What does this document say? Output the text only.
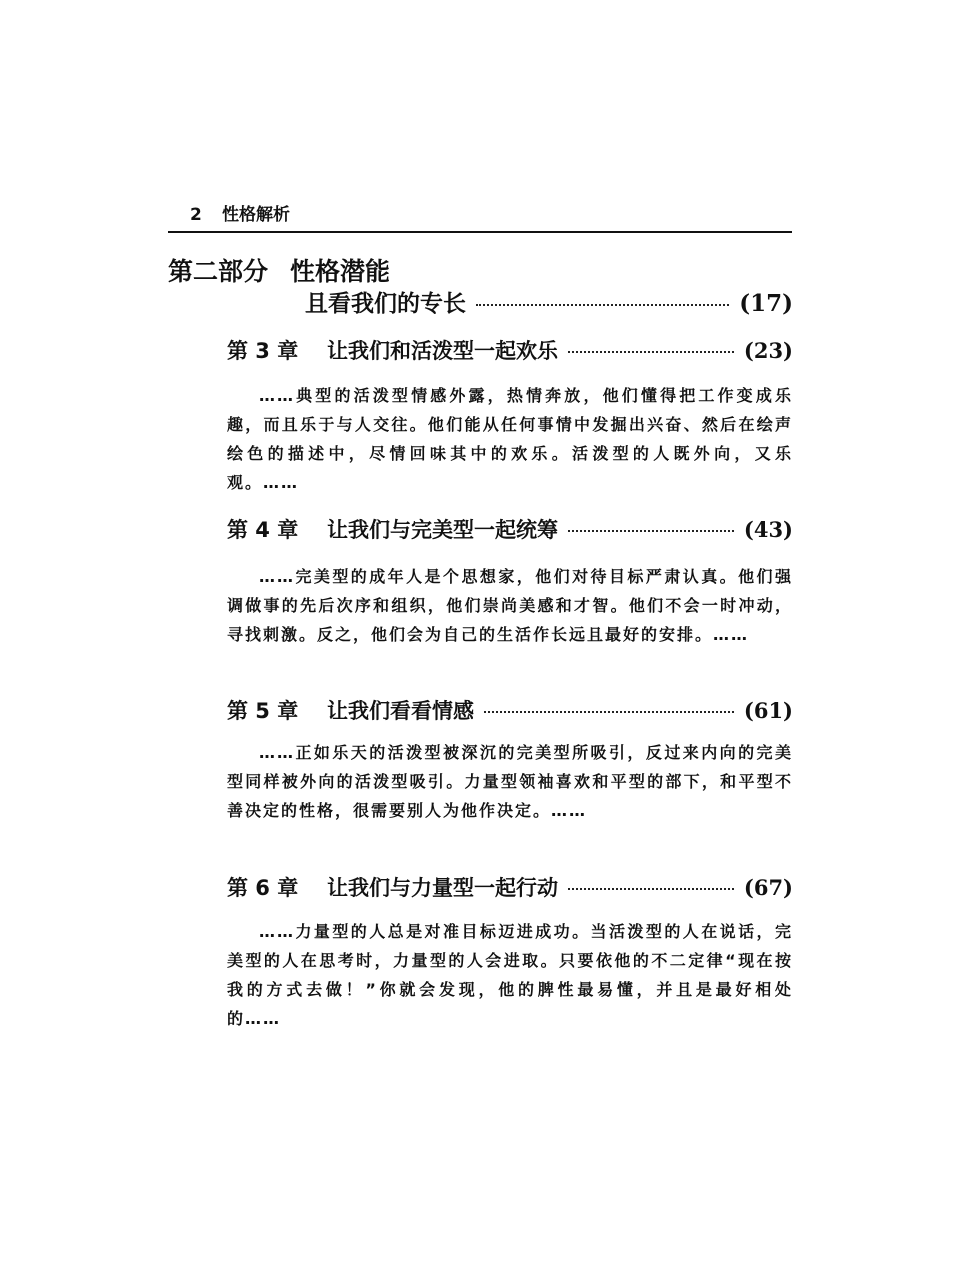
2 性格解析
第二部分 性格潜能
且看我们的专长	(17)
第 3 章	让我们和活泼型一起欢乐	(23)

……典型的活泼型情感外露，热情奔放，他们懂得把工作变成乐趣，而且乐于与人交往。他们能从任何事情中发掘出兴奋、然后在绘声绘色的描述中，尽情回味其中的欢乐。活泼型的人既外向，又乐观。……

第 4 章	让我们与完美型一起统筹	(43)

……完美型的成年人是个思想家，他们对待目标严肃认真。他们强调做事的先后次序和组织，他们崇尚美感和才智。他们不会一时冲动，寻找刺激。反之，他们会为自己的生活作长远且最好的安排。……

第 5 章	让我们看看情感	(61)

……正如乐天的活泼型被深沉的完美型所吸引，反过来内向的完美型同样被外向的活泼型吸引。力量型领袖喜欢和平型的部下，和平型不善决定的性格，很需要别人为他作决定。……

第 6 章	让我们与力量型一起行动	(67)

……力量型的人总是对准目标迈进成功。当活泼型的人在说话，完美型的人在思考时，力量型的人会进取。只要依他的不二定律“现在按我的方式去做！”你就会发现，他的脾性最易懂，并且是最好相处的……
